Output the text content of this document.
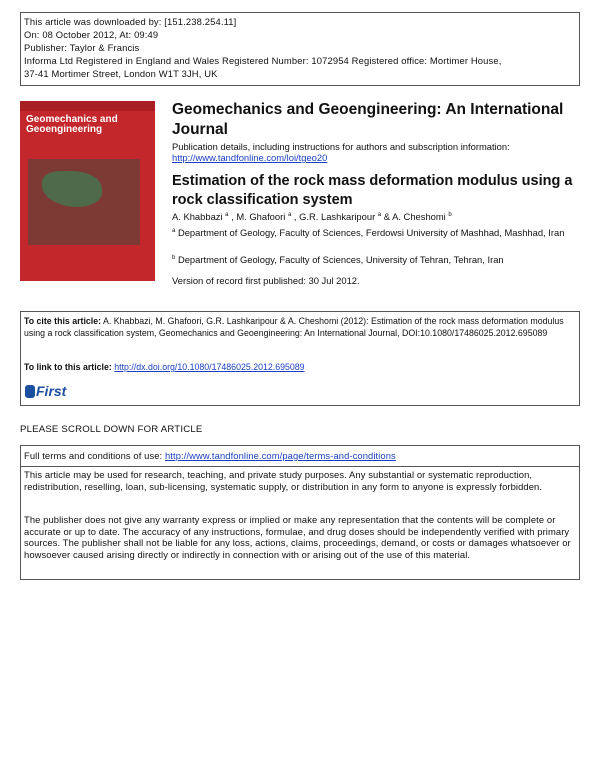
This article was downloaded by: [151.238.254.11]
On: 08 October 2012, At: 09:49
Publisher: Taylor & Francis
Informa Ltd Registered in England and Wales Registered Number: 1072954 Registered office: Mortimer House,
37-41 Mortimer Street, London W1T 3JH, UK
Geomechanics and Geoengineering
Geomechanics and Geoengineering: An International Journal
Publication details, including instructions for authors and subscription information:
http://www.tandfonline.com/loi/tgeo20
Estimation of the rock mass deformation modulus using a rock classification system
A. Khabbazi $^a$ , M. Ghafoori $^a$ , G.R. Lashkaripour $^a$ & A. Cheshomi $^b$
$^a$ Department of Geology, Faculty of Sciences, Ferdowsi University of Mashhad, Mashhad, Iran
$^b$ Department of Geology, Faculty of Sciences, University of Tehran, Tehran, Iran
Version of record first published: 30 Jul 2012.
To cite this article: A. Khabbazi, M. Ghafoori, G.R. Lashkaripour & A. Cheshomi (2012): Estimation of the rock mass deformation modulus using a rock classification system, Geomechanics and Geoengineering: An International Journal, DOI:10.1080/17486025.2012.695089
To link to this article: http://dx.doi.org/10.1080/17486025.2012.695089
First
PLEASE SCROLL DOWN FOR ARTICLE
Full terms and conditions of use: http://www.tandfonline.com/page/terms-and-conditions
This article may be used for research, teaching, and private study purposes. Any substantial or systematic reproduction, redistribution, reselling, loan, sub-licensing, systematic supply, or distribution in any form to anyone is expressly forbidden.
The publisher does not give any warranty express or implied or make any representation that the contents will be complete or accurate or up to date. The accuracy of any instructions, formulae, and drug doses should be independently verified with primary sources. The publisher shall not be liable for any loss, actions, claims, proceedings, demand, or costs or damages whatsoever or howsoever caused arising directly or indirectly in connection with or arising out of the use of this material.
